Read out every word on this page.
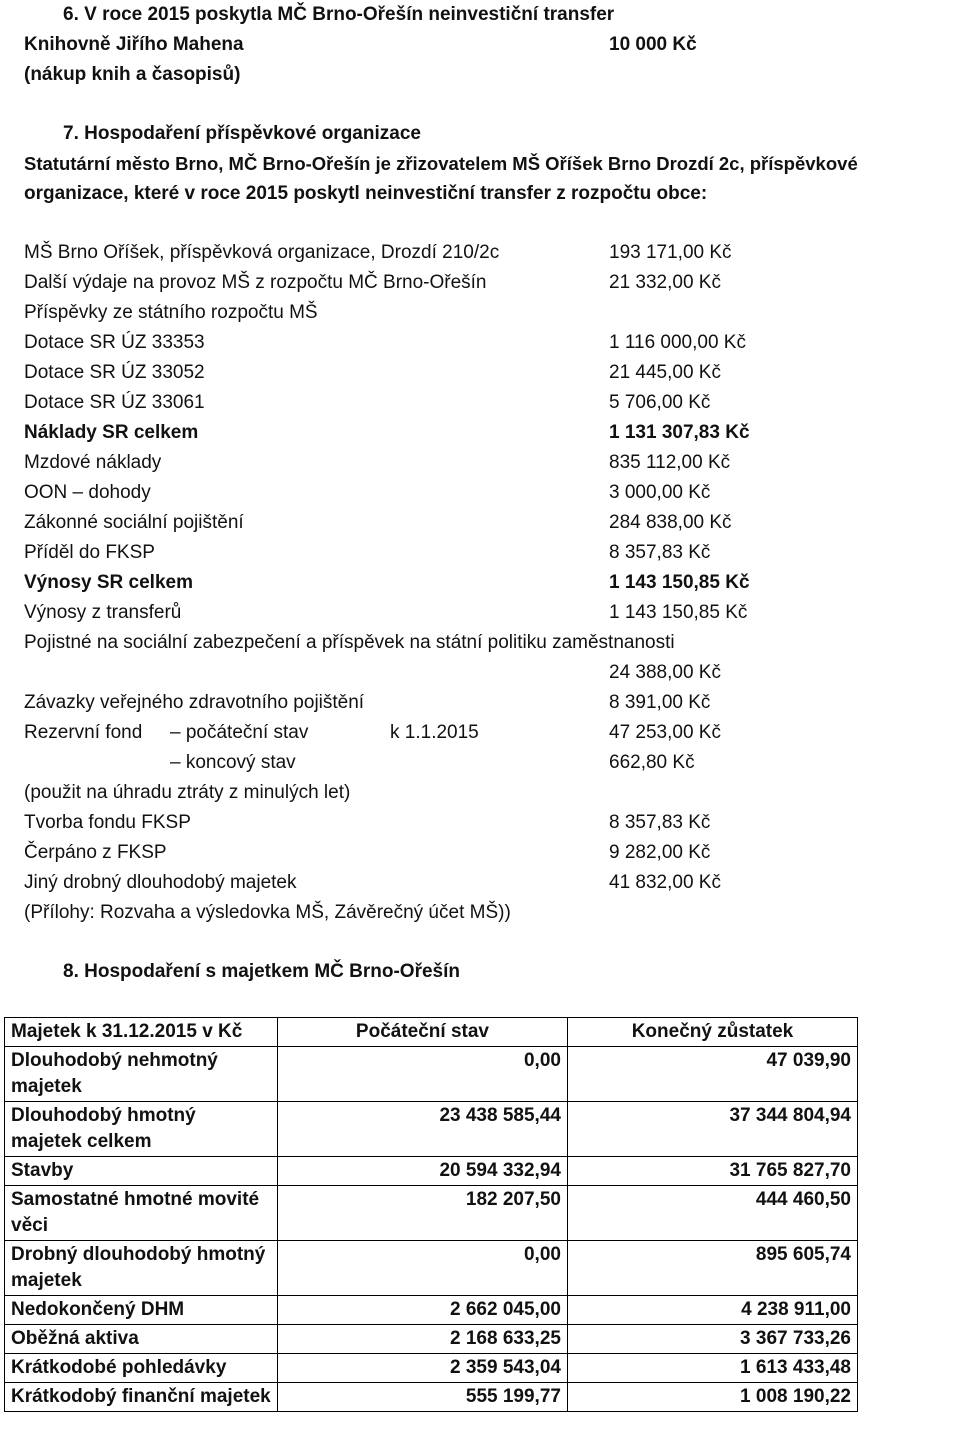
6. V roce 2015 poskytla MČ Brno-Ořešín neinvestiční transfer
Knihovně Jiřího Mahena	10 000 Kč
(nákup knih a časopisů)
7. Hospodaření příspěvkové organizace
Statutární město Brno, MČ Brno-Ořešín je zřizovatelem MŠ Oříšek Brno Drozdí 2c, příspěvkové
organizace, které v roce 2015 poskytl neinvestiční transfer z rozpočtu obce:
MŠ Brno Oříšek, příspěvková organizace, Drozdí 210/2c	193 171,00 Kč
Další výdaje na provoz MŠ z rozpočtu MČ Brno-Ořešín	21 332,00 Kč
Příspěvky ze státního rozpočtu MŠ
Dotace SR ÚZ 33353	1 116 000,00 Kč
Dotace SR ÚZ 33052	21 445,00 Kč
Dotace SR ÚZ 33061	5 706,00 Kč
Náklady SR celkem	1 131 307,83 Kč
Mzdové náklady	835 112,00 Kč
OON – dohody	3 000,00 Kč
Zákonné sociální pojištění	284 838,00 Kč
Příděl do FKSP	8 357,83 Kč
Výnosy SR celkem	1 143 150,85 Kč
Výnosy z transferů	1 143 150,85 Kč
Pojistné na sociální zabezpečení a příspěvek na státní politiku zaměstnanosti
24 388,00 Kč
Závazky veřejného zdravotního pojištění	8 391,00 Kč
Rezervní fond – počáteční stav	k 1.1.2015	47 253,00 Kč
– koncový stav	662,80 Kč
(použit na úhradu ztráty z minulých let)
Tvorba fondu FKSP	8 357,83 Kč
Čerpáno z FKSP	9 282,00 Kč
Jiný drobný dlouhodobý majetek	41 832,00 Kč
(Přílohy: Rozvaha a výsledovka MŠ, Závěrečný účet MŠ))
8. Hospodaření s majetkem MČ Brno-Ořešín
Majetek k 31.12.2015 v Kč	Počáteční stav	Konečný zůstatek
Dlouhodobý nehmotný majetek	0,00	47 039,90
Dlouhodobý hmotný majetek celkem	23 438 585,44	37 344 804,94
Stavby	20 594 332,94	31 765 827,70
Samostatné hmotné movité věci	182 207,50	444 460,50
Drobný dlouhodobý hmotný majetek	0,00	895 605,74
Nedokončený DHM	2 662 045,00	4 238 911,00
Oběžná aktiva	2 168 633,25	3 367 733,26
Krátkodobé pohledávky	2 359 543,04	1 613 433,48
Krátkodobý finanční majetek	555 199,77	1 008 190,22
